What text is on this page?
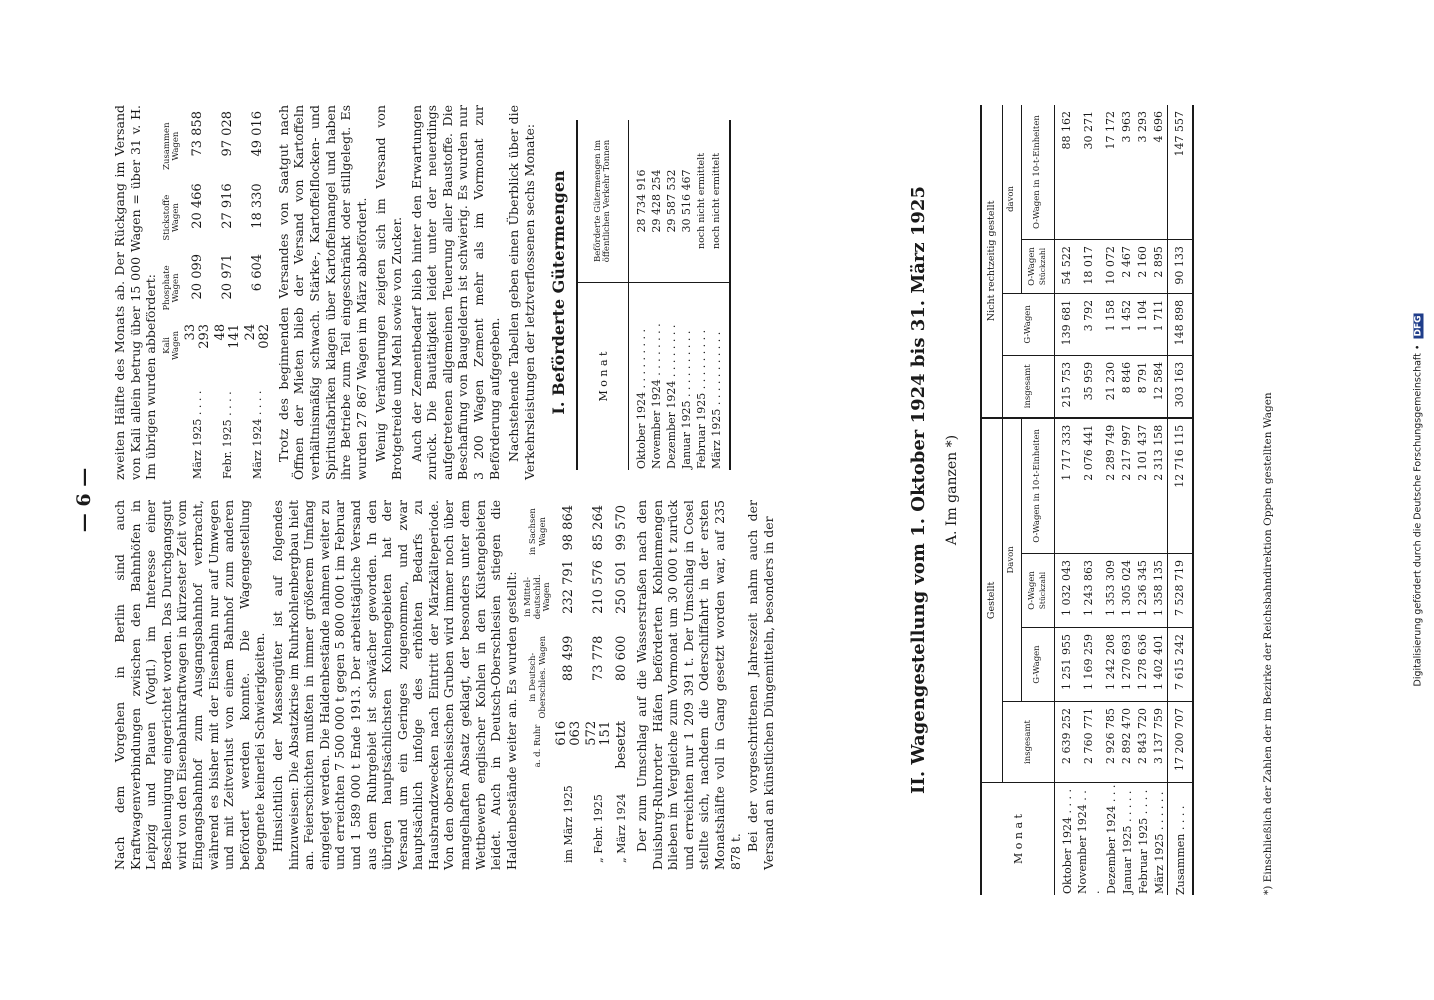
Digitalisierung gefördert durch die Deutsche Forschungsgemeinschaft • DFG
— 6 — Nach dem Vorgehen in Berlin sind auch Kraftwagenverbindungen zwischen den Bahnhöfen in Leipzig und Plauen (Vogtl.) im Interesse einer Beschleunigung eingerichtet worden. Das Durchgangsgut wird von den Eisenbahnkraftwagen in kürzester Zeit vom Eingangsbahnhof zum Ausgangsbahnhof verbracht, während es bisher mit der Eisenbahn nur auf Umwegen und mit Zeitverlust von einem Bahnhof zum anderen befördert werden konnte. Die Wagengestellung begegnete keinerlei Schwierigkeiten. Hinsichtlich der Massengüter ist auf folgendes hinzuweisen: Die Absatzkrise im Ruhrkohlenbergbau hielt an. Feierschichten mußten in immer größerem Umfang eingelegt werden. Die Haldenbestände nahmen weiter zu und erreichten 7 500 000 t gegen 5 800 000 t im Februar und 1 589 000 t Ende 1913. Der arbeitstägliche Versand aus dem Ruhrgebiet ist schwächer geworden. In den übrigen hauptsächlichsten Kohlengebieten hat der Versand um ein Geringes zugenommen, und zwar hauptsächlich infolge des erhöhten Bedarfs zu Hausbrandzwecken nach Eintritt der Märzkälteperiode. Von den oberschlesischen Gruben wird immer noch über mangelhaften Absatz geklagt, der besonders unter dem Wettbewerb englischer Kohlen in den Küstengebieten leidet. Auch in Deutsch-Oberschlesien stiegen die Haldenbestände weiter an. Es wurden gestellt:

	a. d. Ruhr	in Deutsch-Oberschles. Wagen	in Mittel-deutschld. Wagen	in Sachsen Wagen
im März 1925	616 063	88 499	232 791	98 864
„ Febr. 1925	572 151	73 778	210 576	85 264
„ März 1924	besetzt	80 600	250 501	99 570 Der zum Umschlag auf die Wasserstraßen nach den Duisburg-Ruhrorter Häfen beförderten Kohlenmengen blieben im Vergleiche zum Vormonat um 30 000 t zurück und erreichten nur 1 209 391 t. Der Umschlag in Cosel stellte sich, nachdem die Oderschiffahrt in der ersten Monatshälfte voll in Gang gesetzt worden war, auf 235 878 t. Bei der vorgeschrittenen Jahreszeit nahm auch der Versand an künstlichen Düngemitteln, besonders in der

zweiten Hälfte des Monats ab. Der Rückgang im Versand von Kali allein betrug über 15 000 Wagen = über 31 v. H. Im übrigen wurden abbefördert:

	Kali Wagen	Phosphate Wagen	Stickstoffe Wagen	Zusammen Wagen
März 1925 . . . .	33 293	20 099	20 466	73 858
Febr. 1925 . . . .	48 141	20 971	27 916	97 028
März 1924 . . . .	24 082	6 604	18 330	49 016 Trotz des beginnenden Versandes von Saatgut nach Öffnen der Mieten blieb der Versand von Kartoffeln verhältnismäßig schwach. Stärke-, Kartoffelflocken- und Spiritusfabriken klagen über Kartoffelmangel und haben ihre Betriebe zum Teil eingeschränkt oder stillgelegt. Es wurden 27 867 Wagen im März abbefördert. Wenig Veränderungen zeigten sich im Versand von Brotgetreide und Mehl sowie von Zucker. Auch der Zementbedarf blieb hinter den Erwartungen zurück. Die Bautätigkeit leidet unter der neuerdings aufgetretenen allgemeinen Teuerung aller Baustoffe. Die Beschaffung von Baugeldern ist schwierig. Es wurden nur 3 200 Wagen Zement mehr als im Vormonat zur Beförderung aufgegeben. Nachstehende Tabellen geben einen Überblick über die Verkehrsleistungen der letztverflossenen sechs Monate: I. Beförderte Gütermengen	M o n a t	Beförderte Gütermengen im öffentlichen Verkehr Tonnen
Oktober 1924 . . . . . . . . .	28 734 916
November 1924 . . . . . . . .	29 428 254
Dezember 1924 . . . . . . . .	29 587 532
Januar 1925 . . . . . . . . . .	30 516 467
Februar 1925 . . . . . . . . .	noch nicht ermittelt
März 1925 . . . . . . . . . . .	noch nicht ermittelt	II. Wagengestellung vom 1. Oktober 1924 bis 31. März 1925 A. Im ganzen *)
M o n a t	Gestellt				Nicht rechtzeitig gestellt			
	insgesamt	Davon			insgesamt	G-Wagen	davon	
		G-Wagen	O-Wagen
Stückzahl	O-Wagen in 10-t-Einheiten			O-Wagen
Stückzahl	O-Wagen in 10-t-Einheiten
Oktober 1924 . . . .	2 639 252	1 251 955	1 032 043	1 717 333	215 753	139 681	54 522	88 162
November 1924 . . .	2 760 771	1 169 259	1 243 863	2 076 441	35 959	3 792	18 017	30 271
Dezember 1924 . . .	2 926 785	1 242 208	1 353 309	2 289 749	21 230	1 158	10 072	17 172
Januar 1925 . . . . .	2 892 470	1 270 693	1 305 024	2 217 997	8 846	1 452	2 467	3 963
Februar 1925 . . . .	2 843 720	1 278 636	1 236 345	2 101 437	8 791	1 104	2 160	3 293
März 1925 . . . . . .	3 137 759	1 402 401	1 358 135	2 313 158	12 584	1 711	2 895	4 696
Zusammen . . . .	17 200 707	7 615 242	7 528 719	12 716 115	303 163	148 898	90 133	147 557
*) Einschließlich der Zahlen der im Bezirke der Reichsbahndirektion Oppeln gestellten Wagen
